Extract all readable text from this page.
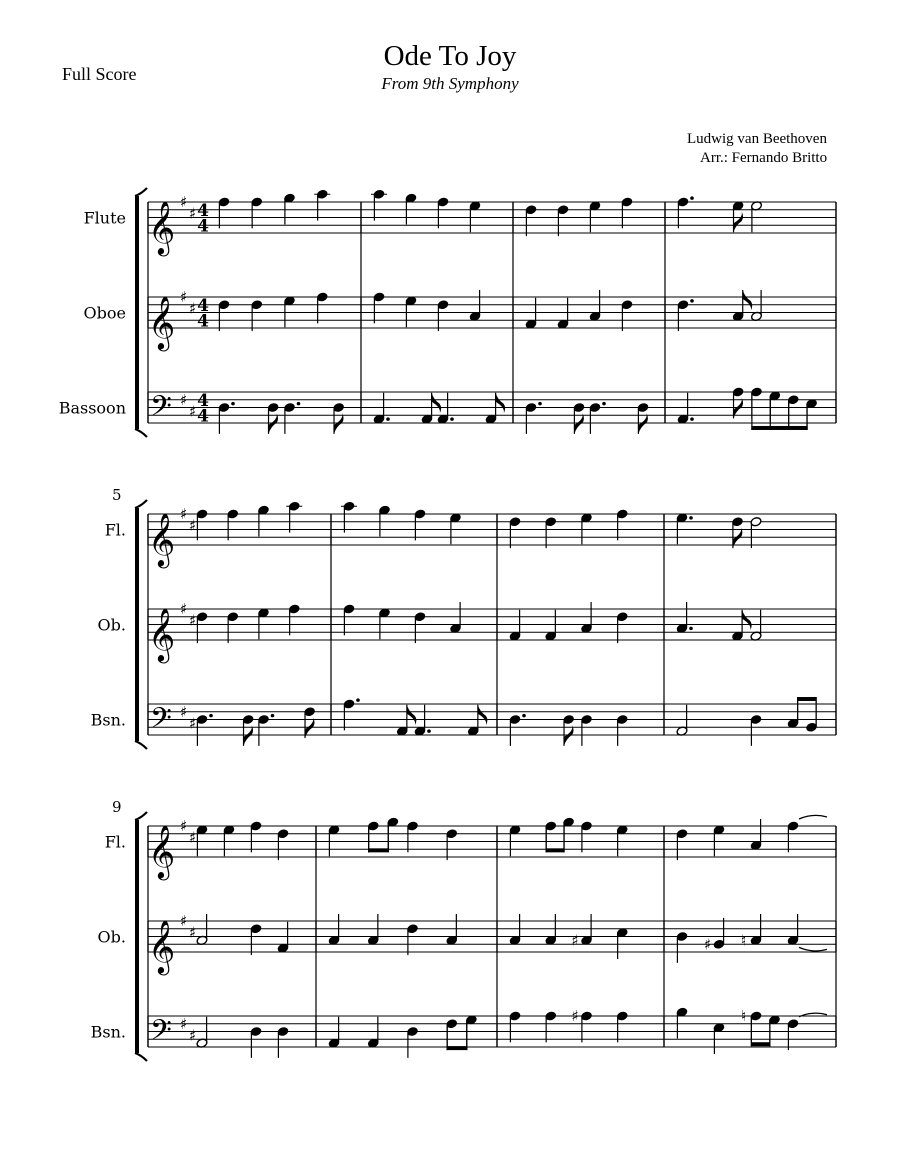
Ode To Joy
From 9th Symphony
Full Score
Ludwig van Beethoven
Arr.: Fernando Britto
Flute 𝄞 ♯
♯ 4
4
Oboe 𝄞 ♯
♯ 4
4
Bassoon 𝄢 ♯
♯
4
4
5
Fl. 𝄞 ♯
♯
Ob. 𝄞 ♯
♯
Bsn. 𝄢 ♯
♯
9
Fl. 𝄞 ♯
♯
Ob. 𝄞 ♯
♯	♯	♯ ♮
Bsn. 𝄢 ♯
♯
♯	♮
